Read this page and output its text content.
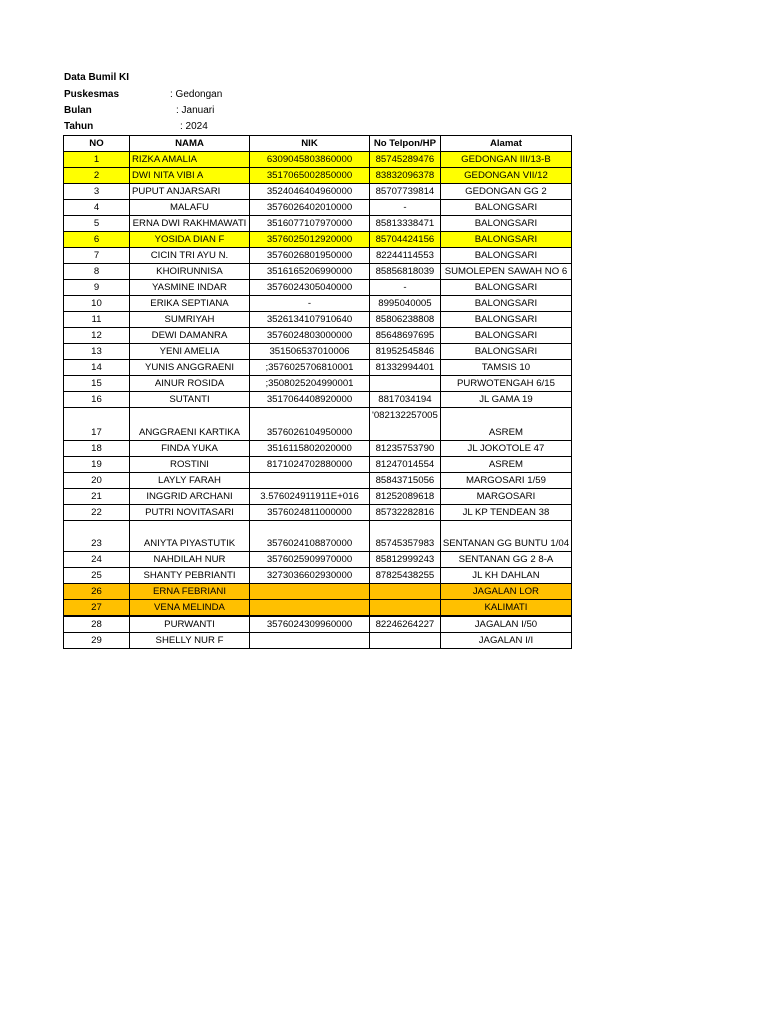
Data Bumil KI
Puskesmas	: Gedongan
Bulan	: Januari
Tahun	: 2024
NO	NAMA	NIK	No Telpon/HP	Alamat
1	RIZKA AMALIA	6309045803860000	85745289476	GEDONGAN III/13-B
2	DWI NITA VIBI A	3517065002850000	83832096378	GEDONGAN VII/12
3	PUPUT ANJARSARI	3524046404960000	85707739814	GEDONGAN GG 2
4	MALAFU	3576026402010000	-	BALONGSARI
5	ERNA DWI RAKHMAWATI	3516077107970000	85813338471	BALONGSARI
6	YOSIDA DIAN F	3576025012920000	85704424156	BALONGSARI
7	CICIN TRI AYU N.	3576026801950000	82244114553	BALONGSARI
8	KHOIRUNNISA	3516165206990000	85856818039	SUMOLEPEN SAWAH NO 6
9	YASMINE INDAR	3576024305040000	-	BALONGSARI
10	ERIKA SEPTIANA	-	8995040005	BALONGSARI
11	SUMRIYAH	3526134107910640	85806238808	BALONGSARI
12	DEWI DAMANRA	3576024803000000	85648697695	BALONGSARI
13	YENI AMELIA	351506537010006	81952545846	BALONGSARI
14	YUNIS ANGGRAENI	;3576025706810001	81332994401	TAMSIS 10
15	AINUR ROSIDA	;3508025204990001		PURWOTENGAH 6/15
16	SUTANTI	3517064408920000	8817034194	JL GAMA 19
17	ANGGRAENI KARTIKA	3576026104950000	'082132257005	ASREM
18	FINDA YUKA	3516115802020000	81235753790	JL JOKOTOLE 47
19	ROSTINI	8171024702880000	81247014554	ASREM
20	LAYLY FARAH		85843715056	MARGOSARI 1/59
21	INGGRID ARCHANI	3.576024911911E+016	81252089618	MARGOSARI
22	PUTRI NOVITASARI	3576024811000000	85732282816	JL KP TENDEAN 38
23	ANIYTA PIYASTUTIK	3576024108870000	85745357983	SENTANAN GG BUNTU 1/04
24	NAHDILAH NUR	3576025909970000	85812999243	SENTANAN GG 2 8-A
25	SHANTY PEBRIANTI	3273036602930000	87825438255	JL KH DAHLAN
26	ERNA FEBRIANI			JAGALAN LOR
27	VENA MELINDA			KALIMATI
28	PURWANTI	3576024309960000	82246264227	JAGALAN I/50
29	SHELLY NUR F			JAGALAN I/I
